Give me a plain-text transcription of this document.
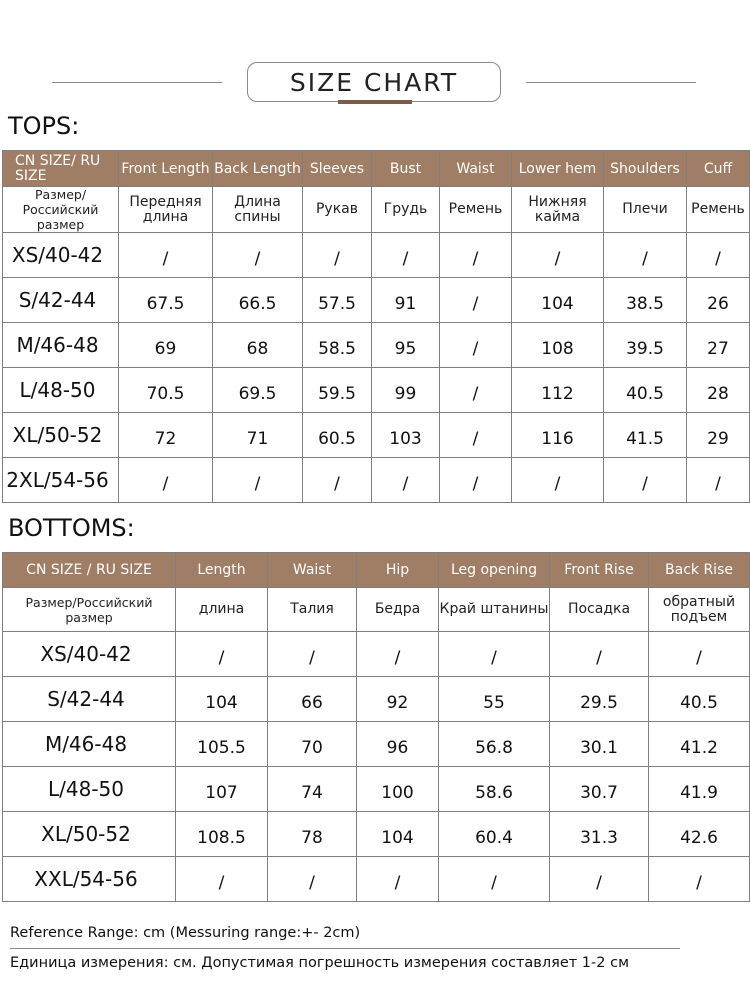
SIZE CHART
TOPS:
CN SIZE/ RU SIZE	Front Length	Back Length	Sleeves	Bust	Waist	Lower hem	Shoulders	Cuff
Размер/ Российский размер	Передняя длина	Длина спины	Рукав	Грудь	Ремень	Нижняя кайма	Плечи	Ремень
XS/40-42	/	/	/	/	/	/	/	/
S/42-44	67.5	66.5	57.5	91	/	104	38.5	26
M/46-48	69	68	58.5	95	/	108	39.5	27
L/48-50	70.5	69.5	59.5	99	/	112	40.5	28
XL/50-52	72	71	60.5	103	/	116	41.5	29
2XL/54-56	/	/	/	/	/	/	/	/
BOTTOMS:
CN SIZE / RU SIZE	Length	Waist	Hip	Leg opening	Front Rise	Back Rise
Размер/Российский размер	длина	Талия	Бедра	Край штанины	Посадка	обратный подъем
XS/40-42	/	/	/	/	/	/
S/42-44	104	66	92	55	29.5	40.5
M/46-48	105.5	70	96	56.8	30.1	41.2
L/48-50	107	74	100	58.6	30.7	41.9
XL/50-52	108.5	78	104	60.4	31.3	42.6
XXL/54-56	/	/	/	/	/	/
Reference Range: cm (Messuring range:+- 2cm)
Единица измерения: см. Допустимая погрешность измерения составляет 1-2 см
